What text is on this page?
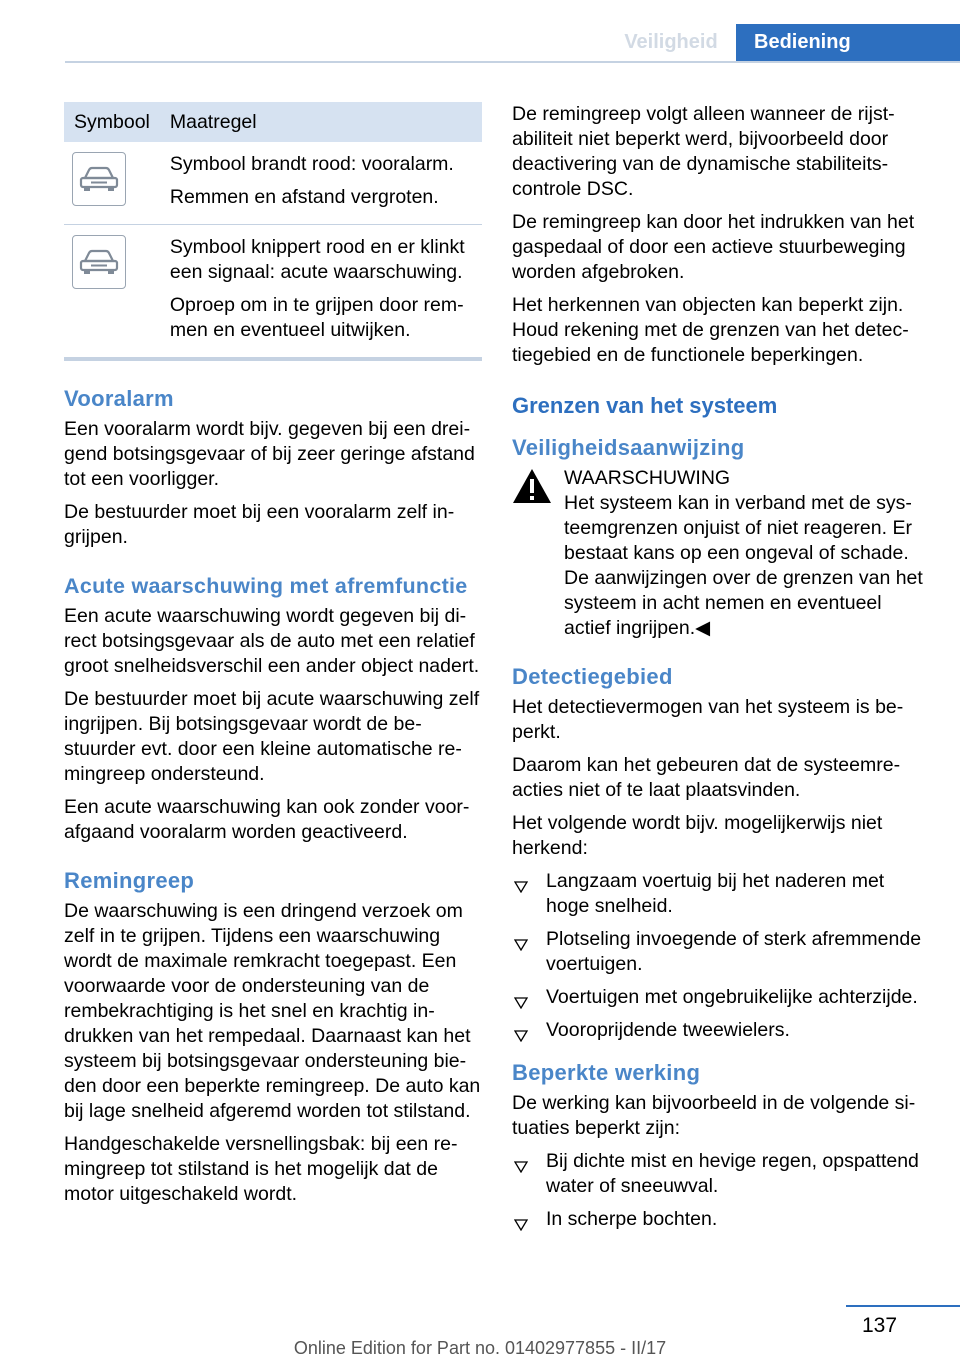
Veiligheid	Bediening
Symbool	Maatregel

Symbool brandt rood: vooralarm.

Remmen en afstand vergroten.

Symbool knippert rood en er klinkt een signaal: acute waarschuwing.

Oproep om in te grijpen door remmen en eventueel uitwijken.

Vooralarm

Een vooralarm wordt bijv. gegeven bij een dreigend botsingsgevaar of bij zeer geringe afstand tot een voorligger.

De bestuurder moet bij een vooralarm zelf ingrijpen.

Acute waarschuwing met afremfunctie

Een acute waarschuwing wordt gegeven bij direct botsingsgevaar als de auto met een relatief groot snelheidsverschil een ander object nadert.

De bestuurder moet bij acute waarschuwing zelf ingrijpen. Bij botsingsgevaar wordt de bestuurder evt. door een kleine automatische remingreep ondersteund.

Een acute waarschuwing kan ook zonder voorafgaand vooralarm worden geactiveerd.

Remingreep

De waarschuwing is een dringend verzoek om zelf in te grijpen. Tijdens een waarschuwing wordt de maximale remkracht toegepast. Een voorwaarde voor de ondersteuning van de rembekrachtiging is het snel en krachtig indrukken van het rempedaal. Daarnaast kan het systeem bij botsingsgevaar ondersteuning bieden door een beperkte remingreep. De auto kan bij lage snelheid afgeremd worden tot stilstand.

Handgeschakelde versnellingsbak: bij een remingreep tot stilstand is het mogelijk dat de motor uitgeschakeld wordt.

De remingreep volgt alleen wanneer de rijstabiliteit niet beperkt werd, bijvoorbeeld door deactivering van de dynamische stabiliteitscontrole DSC.

De remingreep kan door het indrukken van het gaspedaal of door een actieve stuurbeweging worden afgebroken.

Het herkennen van objecten kan beperkt zijn. Houd rekening met de grenzen van het detectiegebied en de functionele beperkingen.

Grenzen van het systeem
Veiligheidsaanwijzing
WAARSCHUWING

Het systeem kan in verband met de systeemgrenzen onjuist of niet reageren. Er bestaat kans op een ongeval of schade. De aanwijzingen over de grenzen van het systeem in acht nemen en eventueel actief ingrijpen.◀

Detectiegebied

Het detectievermogen van het systeem is beperkt.

Daarom kan het gebeuren dat de systeemreacties niet of te laat plaatsvinden.

Het volgende wordt bijv. mogelijkerwijs niet herkend:

Langzaam voertuig bij het naderen met hoge snelheid.
Plotseling invoegende of sterk afremmende voertuigen.
Voertuigen met ongebruikelijke achterzijde.
Vooroprijdende tweewielers.
Beperkte werking

De werking kan bijvoorbeeld in de volgende situaties beperkt zijn:

Bij dichte mist en hevige regen, opspattend water of sneeuwval.
In scherpe bochten.
137
Online Edition for Part no. 01402977855 - II/17
